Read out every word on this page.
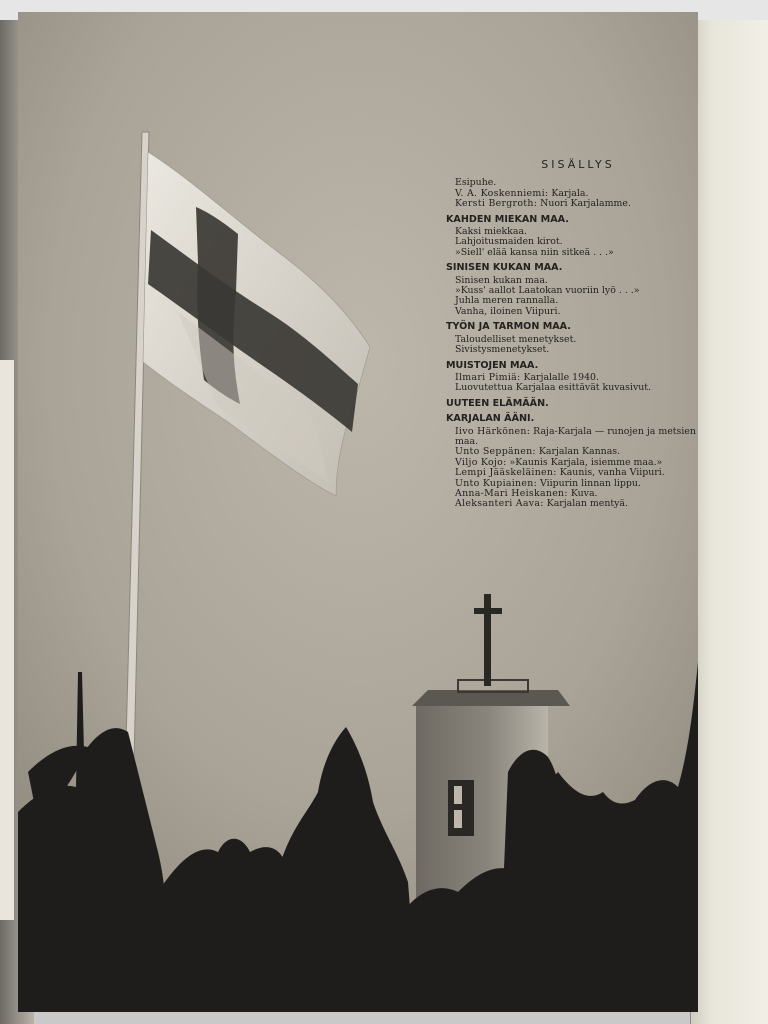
SISÄLLYS
Esipuhe.
V. A. Koskenniemi: Karjala.
Kersti Bergroth: Nuori Karjalamme.
KAHDEN MIEKAN MAA.
Kaksi miekkaa.
Lahjoitusmaiden kirot.
»Siell' elää kansa niin sitkeä . . .»
SINISEN KUKAN MAA.
Sinisen kukan maa.
»Kuss' aallot Laatokan vuoriin lyö . . .»
Juhla meren rannalla.
Vanha, iloinen Viipuri.
TYÖN JA TARMON MAA.
Taloudelliset menetykset.
Sivistysmenetykset.
MUISTOJEN MAA.
Ilmari Pimiä: Karjalalle 1940.
Luovutettua Karjalaa esittävät kuvasivut.
UUTEEN ELÄMÄÄN.
KARJALAN ÄÄNI.
Iivo Härkönen: Raja-Karjala — runojen ja metsien maa.
Unto Seppänen: Karjalan Kannas.
Viljo Kojo: »Kaunis Karjala, isiemme maa.»
Lempi Jääskeläinen: Kaunis, vanha Viipuri.
Unto Kupiainen: Viipurin linnan lippu.
Anna-Mari Heiskanen: Kuva.
Aleksanteri Aava: Karjalan mentyä.
